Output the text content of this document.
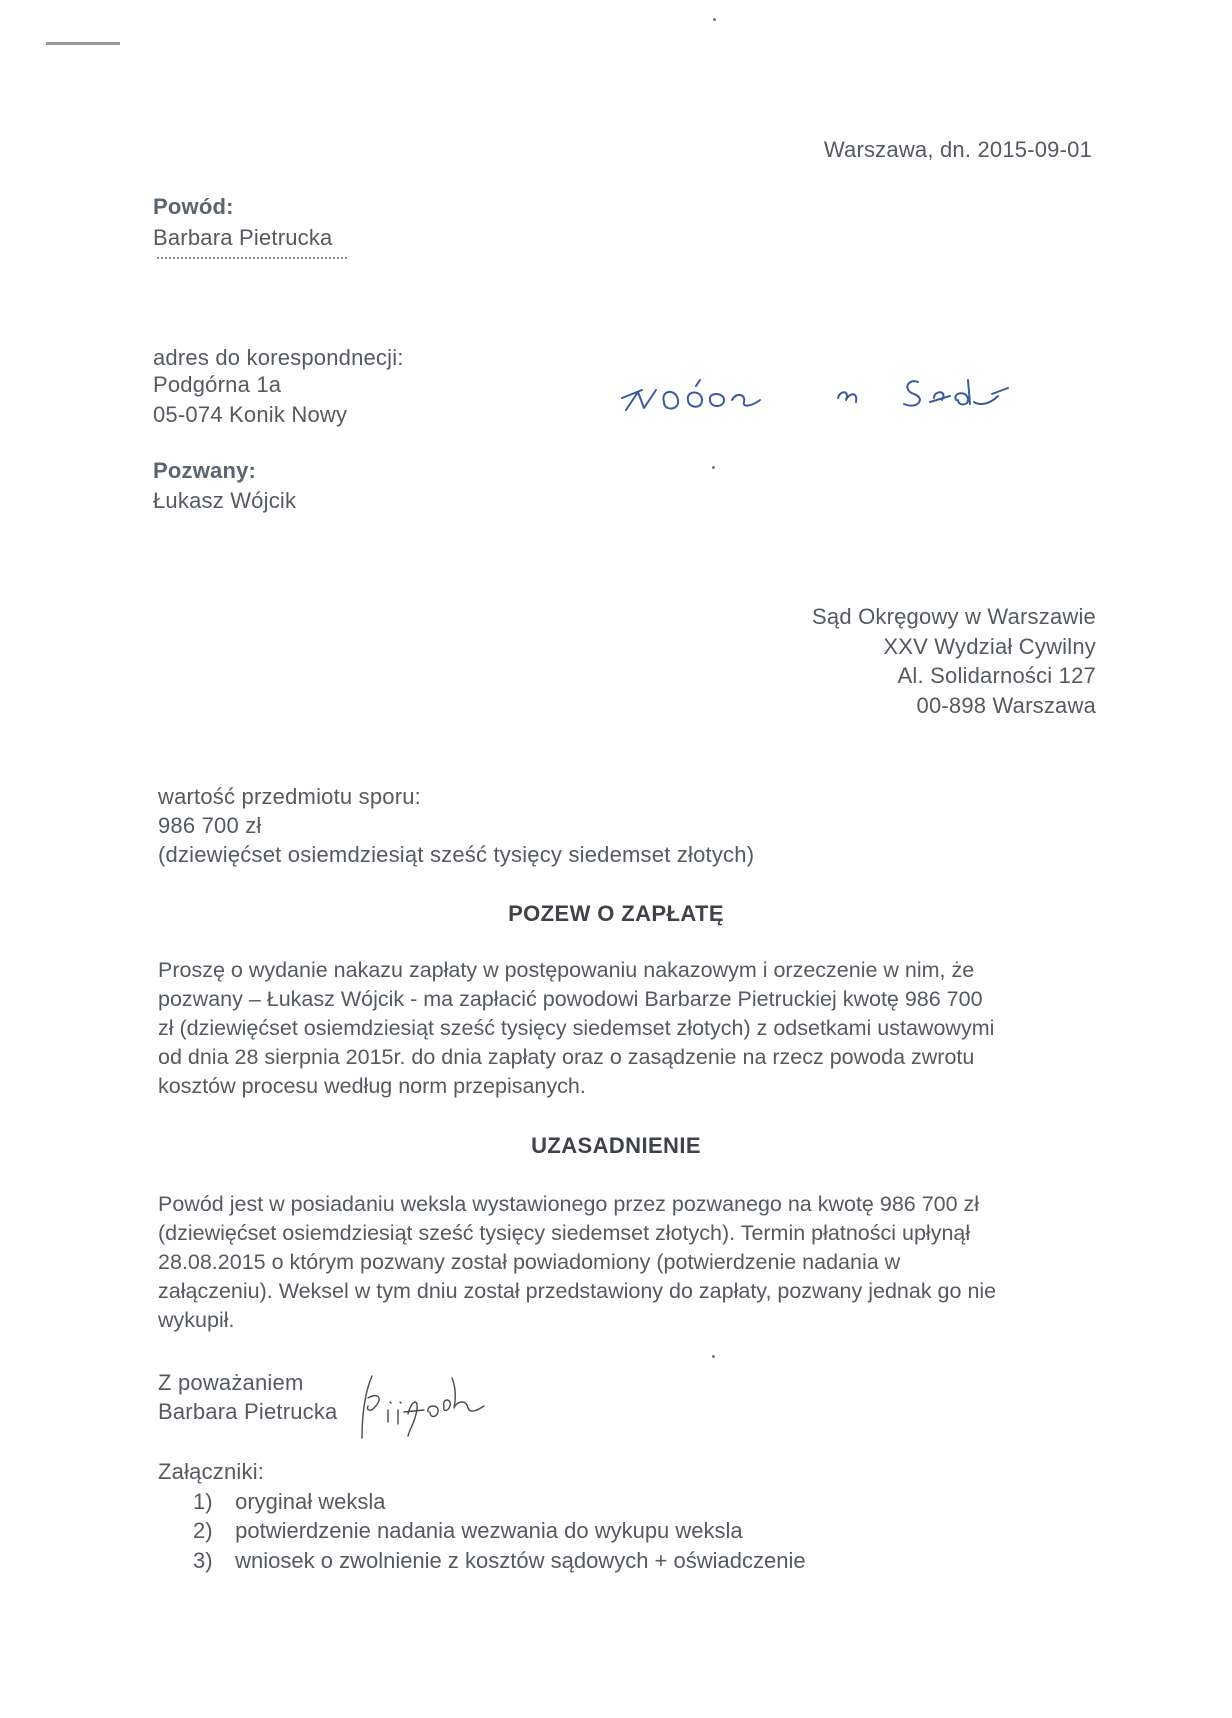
Warszawa, dn. 2015-09-01
Powód:
Barbara Pietrucka
adres do korespondnecji:
Podgórna 1a
05-074 Konik Nowy
Pozwany:
Łukasz Wójcik
Sąd Okręgowy w Warszawie
XXV Wydział Cywilny
Al. Solidarności 127
00-898 Warszawa
wartość przedmiotu sporu:
986 700 zł
(dziewięćset osiemdziesiąt sześć tysięcy siedemset złotych)
POZEW O ZAPŁATĘ
Proszę o wydanie nakazu zapłaty w postępowaniu nakazowym i orzeczenie w nim, że
pozwany – Łukasz Wójcik - ma zapłacić powodowi Barbarze Pietruckiej kwotę 986 700
zł (dziewięćset osiemdziesiąt sześć tysięcy siedemset złotych) z odsetkami ustawowymi
od dnia 28 sierpnia 2015r. do dnia zapłaty oraz o zasądzenie na rzecz powoda zwrotu
kosztów procesu według norm przepisanych.
UZASADNIENIE
Powód jest w posiadaniu weksla wystawionego przez pozwanego na kwotę 986 700 zł
(dziewięćset osiemdziesiąt sześć tysięcy siedemset złotych). Termin płatności upłynął
28.08.2015 o którym pozwany został powiadomiony (potwierdzenie nadania w
załączeniu). Weksel w tym dniu został przedstawiony do zapłaty, pozwany jednak go nie
wykupił.
Z poważaniem
Barbara Pietrucka
Załączniki:
1) oryginał weksla
2) potwierdzenie nadania wezwania do wykupu weksla
3) wniosek o zwolnienie z kosztów sądowych + oświadczenie
